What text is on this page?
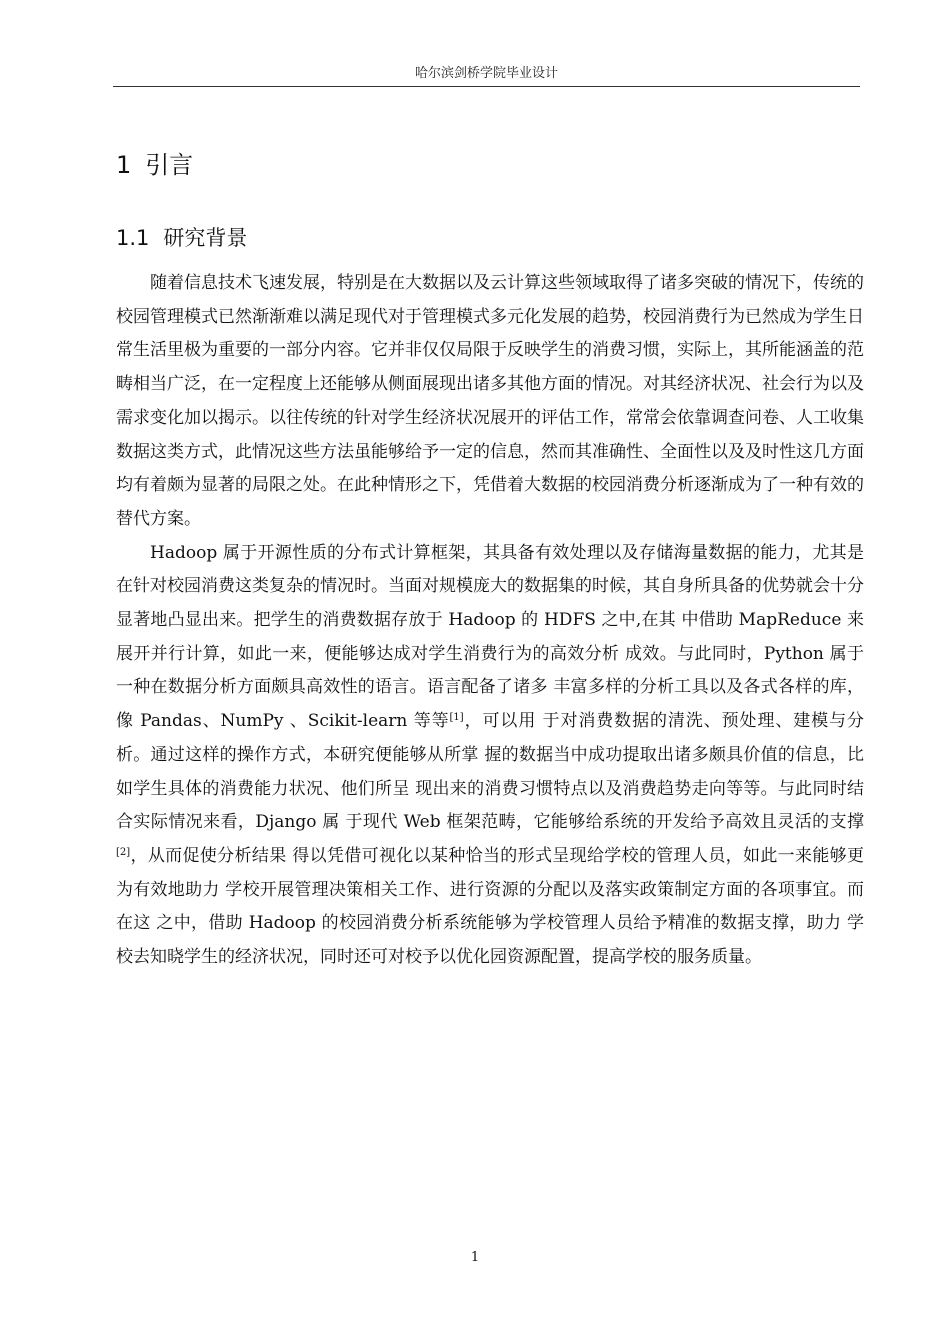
哈尔滨剑桥学院毕业设计
1 引言
1.1 研究背景

随着信息技术飞速发展，特别是在大数据以及云计算这些领域取得了诸多突破的情况下，传统的校园管理模式已然渐渐难以满足现代对于管理模式多元化发展的趋势，校园消费行为已然成为学生日常生活里极为重要的一部分内容。它并非仅仅局限于反映学生的消费习惯，实际上，其所能涵盖的范畴相当广泛，在一定程度上还能够从侧面展现出诸多其他方面的情况。对其经济状况、社会行为以及需求变化加以揭示。以往传统的针对学生经济状况展开的评估工作，常常会依靠调查问卷、人工收集数据这类方式，此情况这些方法虽能够给予一定的信息，然而其准确性、全面性以及及时性这几方面均有着颇为显著的局限之处。在此种情形之下，凭借着大数据的校园消费分析逐渐成为了一种有效的替代方案。

Hadoop 属于开源性质的分布式计算框架，其具备有效处理以及存储海量数据的能力，尤其是在针对校园消费这类复杂的情况时。当面对规模庞大的数据集的时候，其自身所具备的优势就会十分显著地凸显出来。把学生的消费数据存放于 Hadoop 的 HDFS 之中,在其 中借助 MapReduce 来展开并行计算，如此一来，便能够达成对学生消费行为的高效分析 成效。与此同时，Python 属于一种在数据分析方面颇具高效性的语言。语言配备了诸多 丰富多样的分析工具以及各式各样的库，像 Pandas、NumPy 、Scikit-learn 等等[1]，可以用 于对消费数据的清洗、预处理、建模与分析。通过这样的操作方式，本研究便能够从所掌 握的数据当中成功提取出诸多颇具价值的信息，比如学生具体的消费能力状况、他们所呈 现出来的消费习惯特点以及消费趋势走向等等。与此同时结合实际情况来看，Django 属 于现代 Web 框架范畴，它能够给系统的开发给予高效且灵活的支撑[2]，从而促使分析结果 得以凭借可视化以某种恰当的形式呈现给学校的管理人员，如此一来能够更为有效地助力 学校开展管理决策相关工作、进行资源的分配以及落实政策制定方面的各项事宜。而在这 之中，借助 Hadoop 的校园消费分析系统能够为学校管理人员给予精准的数据支撑，助力 学校去知晓学生的经济状况，同时还可对校予以优化园资源配置，提高学校的服务质量。

1
